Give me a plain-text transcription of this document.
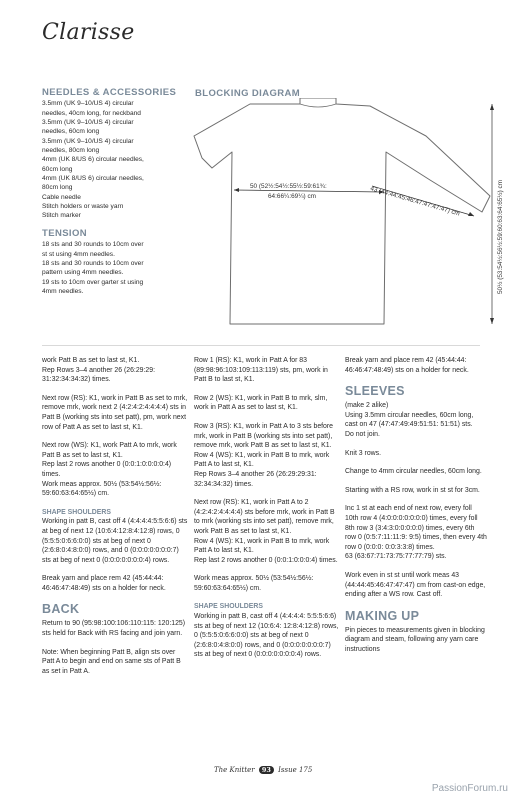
Clarisse
NEEDLES & ACCESSORIES

3.5mm (UK 9–10/US 4) circular

needles, 40cm long, for neckband

3.5mm (UK 9–10/US 4) circular

needles, 60cm long

3.5mm (UK 9–10/US 4) circular

needles, 80cm long

4mm (UK 8/US 6) circular needles,

60cm long

4mm (UK 8/US 6) circular needles,

80cm long

Cable needle

Stitch holders or waste yarn

Stitch marker

TENSION

18 sts and 30 rounds to 10cm over

st st using 4mm needles.

18 sts and 30 rounds to 10cm over

pattern using 4mm needles.

19 sts to 10cm over garter st using

4mm needles.

BLOCKING DIAGRAM
50 (52½:54½:55½:59:61¾:
64:66¼:69¼) cm	43 (44:44:45:46:47:47:47:47) cm	50½ (53:54½:56½:59:60:63:64:65½) cm

work Patt B as set to last st, K1.

Rep Rows 3–4 another 26 (26:29:29: 31:32:34:34:32) times.

Next row (RS): K1, work in Patt B as set to mrk, remove mrk, work next 2 (4:2:4:2:4:4:4:4) sts in Patt B (working sts into set patt), pm, work next row of Patt A as set to last st, K1.

Next row (WS): K1, work Patt A to mrk, work Patt B as set to last st, K1.

Rep last 2 rows another 0 (0:0:1:0:0:0:0:4) times.

Work meas approx. 50½ (53:54½:56½: 59:60:63:64:65½) cm.

SHAPE SHOULDERS

Working in patt B, cast off 4 (4:4:4:4:5:5:6:6) sts at beg of next 12 (10:6:4:12:8:4:12:8) rows, 0 (5:5:5:0:6:6:0:0) sts at beg of next 0 (2:6:8:0:4:8:0:0) rows, and 0 (0:0:0:0:0:0:0:7) sts at beg of next 0 (0:0:0:0:0:0:0:4) rows.

Break yarn and place rem 42 (45:44:44: 46:46:47:48:49) sts on a holder for neck.

BACK

Return to 90 (95:98:100:106:110:115: 120:125) sts held for Back with RS facing and join yarn.

Note: When beginning Patt B, align sts over Patt A to begin and end on same sts of Patt B as set in Patt A.

Row 1 (RS): K1, work in Patt A for 83 (89:98:96:103:109:113:119) sts, pm, work in Patt B to last st, K1.

Row 2 (WS): K1, work in Patt B to mrk, slm, work in Patt A as set to last st, K1.

Row 3 (RS): K1, work in Patt A to 3 sts before mrk, work in Patt B (working sts into set patt), remove mrk, work Patt B as set to last st, K1.

Row 4 (WS): K1, work in Patt B to mrk, work Patt A to last st, K1.

Rep Rows 3–4 another 26 (26:29:29:31: 32:34:34:32) times.

Next row (RS): K1, work in Patt A to 2 (4:2:4:2:4:4:4:4) sts before mrk, work in Patt B to mrk (working sts into set patt), remove mrk, work Patt B as set to last st, K1.

Row 4 (WS): K1, work in Patt B to mrk, work Patt A to last st, K1.

Rep last 2 rows another 0 (0:0:1:0:0:0:4) times.

Work meas approx. 50½ (53:54½:56½: 59:60:63:64:65½) cm.

SHAPE SHOULDERS

Working in patt B, cast off 4 (4:4:4:4: 5:5:5:6:6) sts at beg of next 12 (10:6:4: 12:8:4:12:8) rows, 0 (5:5:5:0:6:6:0:0) sts at beg of next 0 (2:6:8:0:4:8:0:0) rows, and 0 (0:0:0:0:0:0:0:7) sts at beg of next 0 (0:0:0:0:0:0:0:4) rows.

Break yarn and place rem 42 (45:44:44: 46:46:47:48:49) sts on a holder for neck.

SLEEVES

(make 2 alike)

Using 3.5mm circular needles, 60cm long, cast on 47 (47:47:49:49:51:51: 51:51) sts.

Do not join.

Knit 3 rows.

Change to 4mm circular needles, 60cm long.

Starting with a RS row, work in st st for 3cm.

Inc 1 st at each end of next row, every foll 10th row 4 (4:0:0:0:0:0:0:0) times, every foll 8th row 3 (3:4:3:0:0:0:0:0) times, every 6th row 0 (0:5:7:11:11:9: 9:5) times, then every 4th row 0 (0:0:0: 0:0:3:3:8) times.

63 (63:67:71:73:75:77:77:79) sts.

Work even in st st until work meas 43 (44:44:45:46:47:47:47) cm from cast-on edge, ending after a WS row. Cast off.

MAKING UP

Pin pieces to measurements given in blocking diagram and steam, following any yarn care instructions

The Knitter 93 Issue 175
PassionForum.ru
